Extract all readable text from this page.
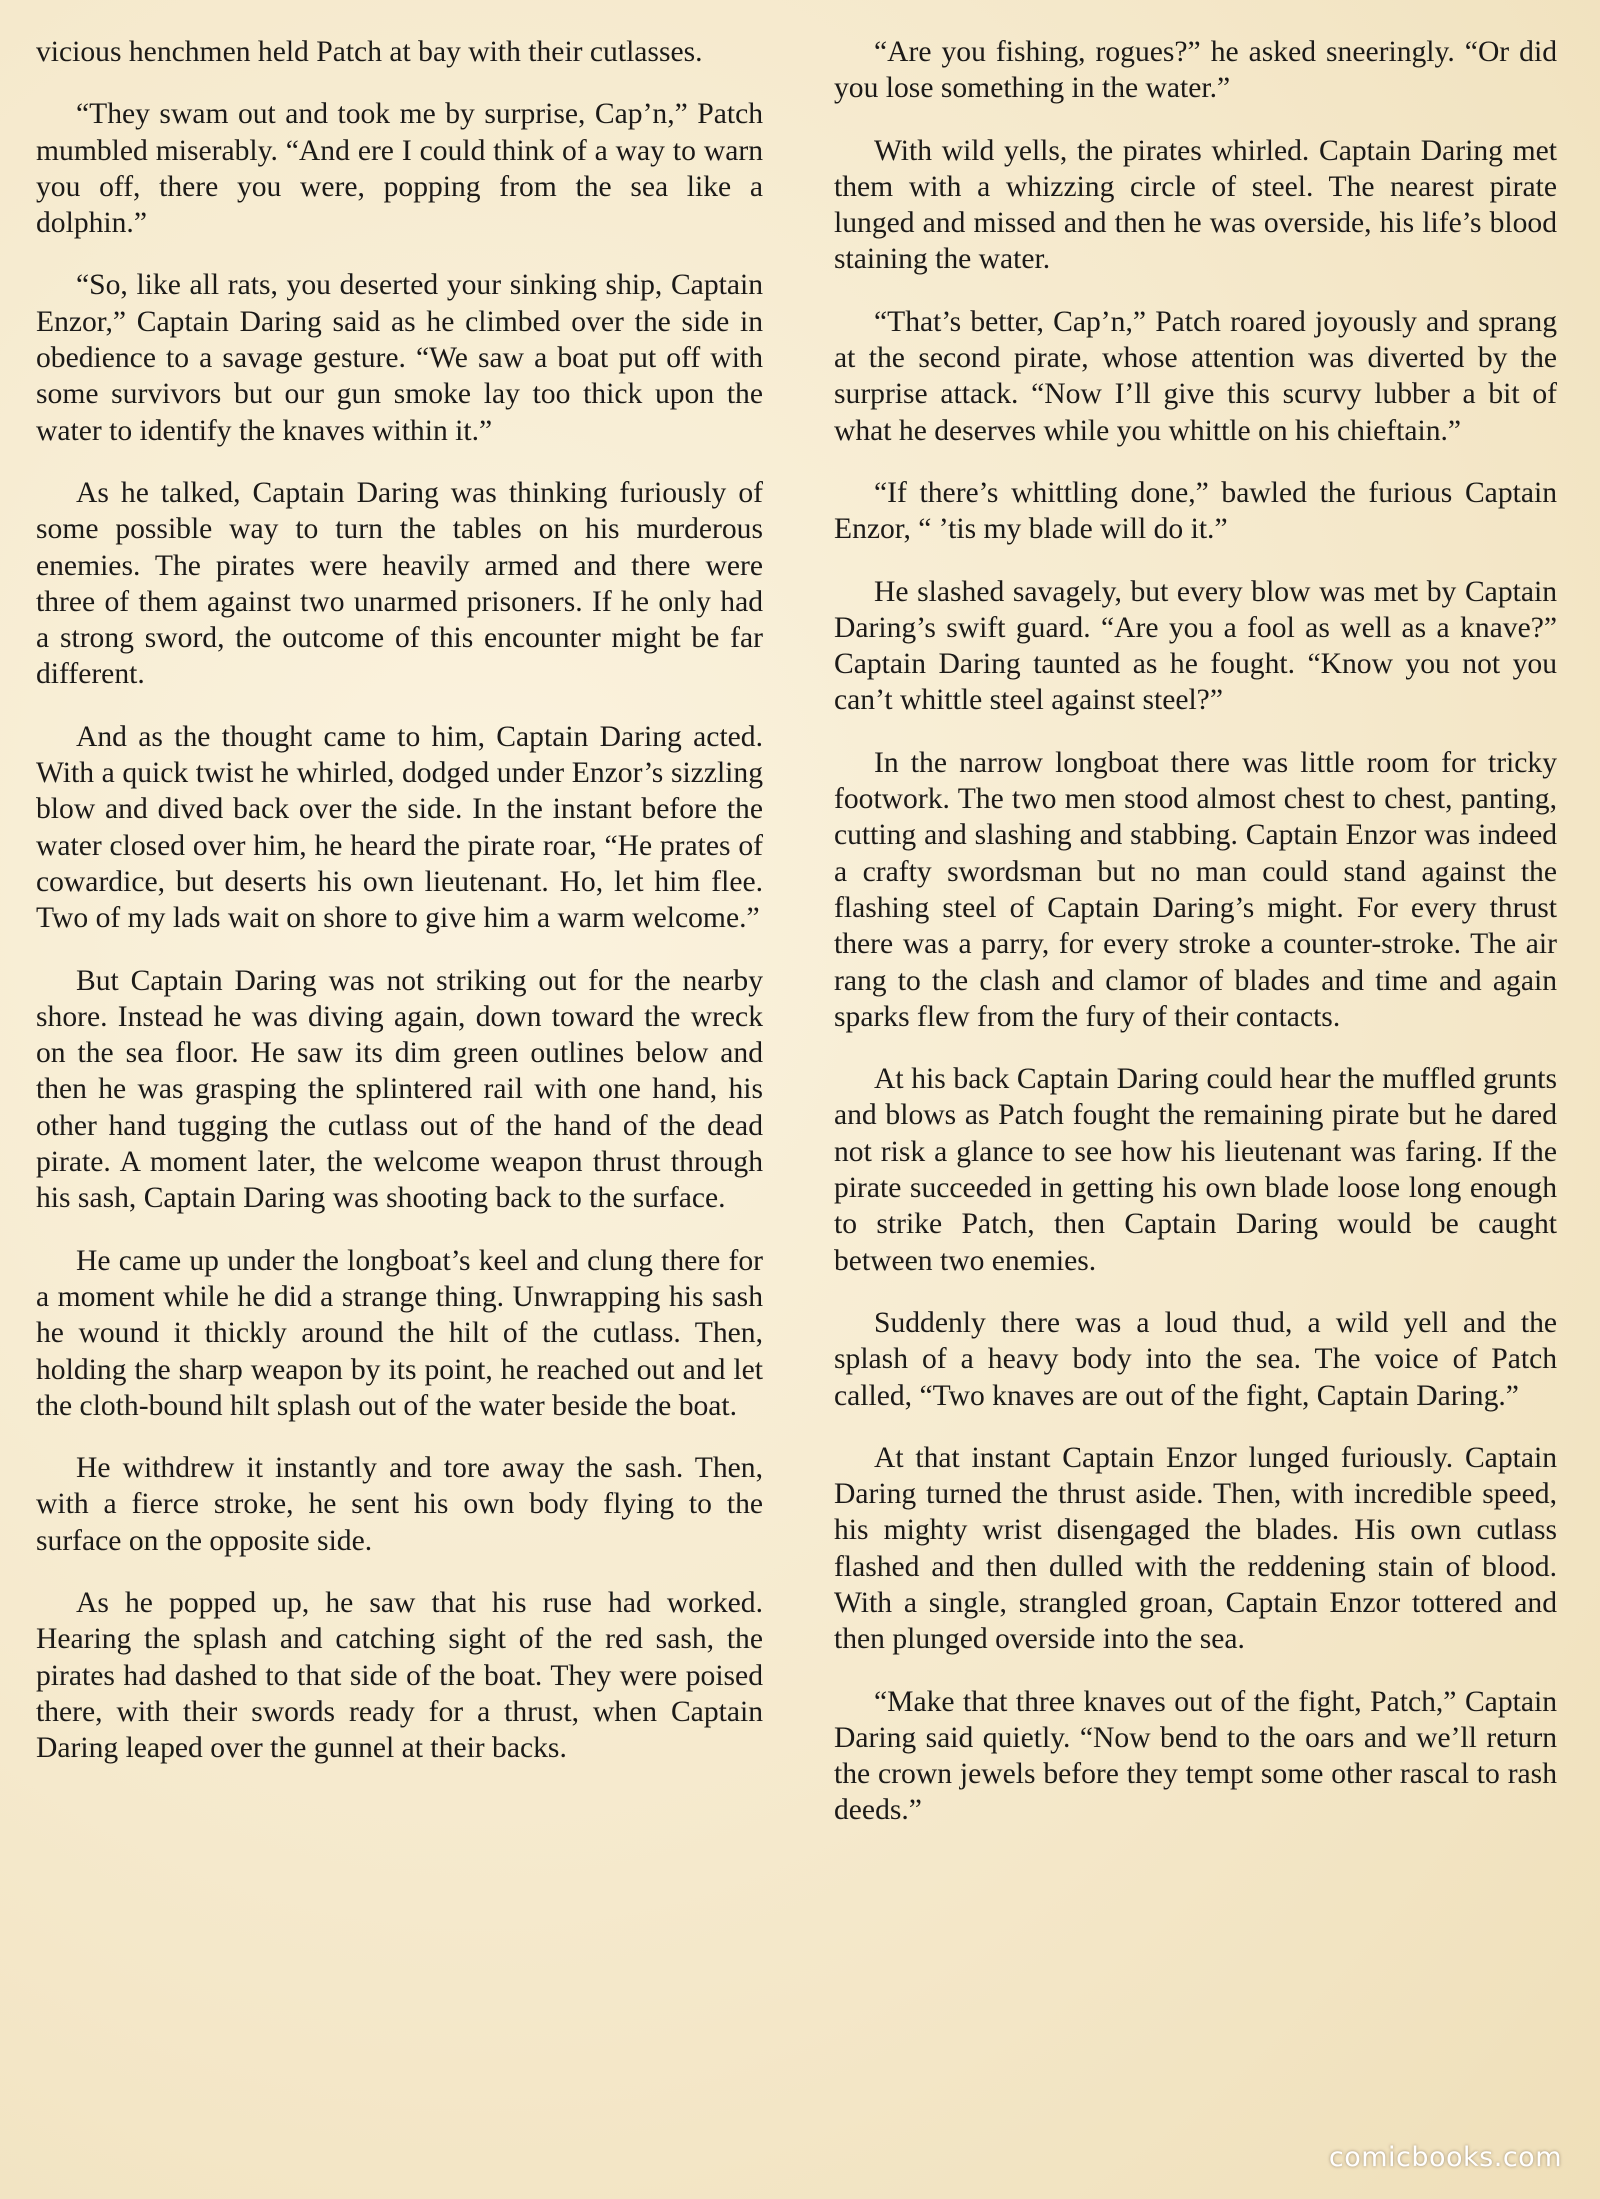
vicious henchmen held Patch at bay with their cutlasses.

“They swam out and took me by surprise, Cap’n,” Patch mumbled miserably. “And ere I could think of a way to warn you off, there you were, popping from the sea like a dolphin.”

“So, like all rats, you deserted your sinking ship, Captain Enzor,” Captain Daring said as he climbed over the side in obedience to a savage gesture. “We saw a boat put off with some survivors but our gun smoke lay too thick upon the water to identify the knaves within it.”

As he talked, Captain Daring was thinking furiously of some possible way to turn the tables on his murderous enemies. The pirates were heavily armed and there were three of them against two unarmed prisoners. If he only had a strong sword, the outcome of this encounter might be far different.

And as the thought came to him, Captain Daring acted. With a quick twist he whirled, dodged under Enzor’s sizzling blow and dived back over the side. In the instant before the water closed over him, he heard the pirate roar, “He prates of cowardice, but deserts his own lieutenant. Ho, let him flee. Two of my lads wait on shore to give him a warm welcome.”

But Captain Daring was not striking out for the nearby shore. Instead he was diving again, down toward the wreck on the sea floor. He saw its dim green outlines below and then he was grasping the splintered rail with one hand, his other hand tugging the cutlass out of the hand of the dead pirate. A moment later, the welcome weapon thrust through his sash, Captain Daring was shooting back to the surface.

He came up under the longboat’s keel and clung there for a moment while he did a strange thing. Unwrapping his sash he wound it thickly around the hilt of the cutlass. Then, holding the sharp weapon by its point, he reached out and let the cloth-bound hilt splash out of the water beside the boat.

He withdrew it instantly and tore away the sash. Then, with a fierce stroke, he sent his own body flying to the surface on the opposite side.

As he popped up, he saw that his ruse had worked. Hearing the splash and catching sight of the red sash, the pirates had dashed to that side of the boat. They were poised there, with their swords ready for a thrust, when Captain Daring leaped over the gunnel at their backs.

“Are you fishing, rogues?” he asked sneeringly. “Or did you lose something in the water.”

With wild yells, the pirates whirled. Captain Daring met them with a whizzing circle of steel. The nearest pirate lunged and missed and then he was overside, his life’s blood staining the water.

“That’s better, Cap’n,” Patch roared joyously and sprang at the second pirate, whose attention was diverted by the surprise attack. “Now I’ll give this scurvy lubber a bit of what he deserves while you whittle on his chieftain.”

“If there’s whittling done,” bawled the furious Captain Enzor, “ ’tis my blade will do it.”

He slashed savagely, but every blow was met by Captain Daring’s swift guard. “Are you a fool as well as a knave?” Captain Daring taunted as he fought. “Know you not you can’t whittle steel against steel?”

In the narrow longboat there was little room for tricky footwork. The two men stood almost chest to chest, panting, cutting and slashing and stabbing. Captain Enzor was indeed a crafty swordsman but no man could stand against the flashing steel of Captain Daring’s might. For every thrust there was a parry, for every stroke a counter-stroke. The air rang to the clash and clamor of blades and time and again sparks flew from the fury of their contacts.

At his back Captain Daring could hear the muffled grunts and blows as Patch fought the remaining pirate but he dared not risk a glance to see how his lieutenant was faring. If the pirate succeeded in getting his own blade loose long enough to strike Patch, then Captain Daring would be caught between two enemies.

Suddenly there was a loud thud, a wild yell and the splash of a heavy body into the sea. The voice of Patch called, “Two knaves are out of the fight, Captain Daring.”

At that instant Captain Enzor lunged furiously. Captain Daring turned the thrust aside. Then, with incredible speed, his mighty wrist disengaged the blades. His own cutlass flashed and then dulled with the reddening stain of blood. With a single, strangled groan, Captain Enzor tottered and then plunged overside into the sea.

“Make that three knaves out of the fight, Patch,” Captain Daring said quietly. “Now bend to the oars and we’ll return the crown jewels before they tempt some other rascal to rash deeds.”

comicbooks.com
